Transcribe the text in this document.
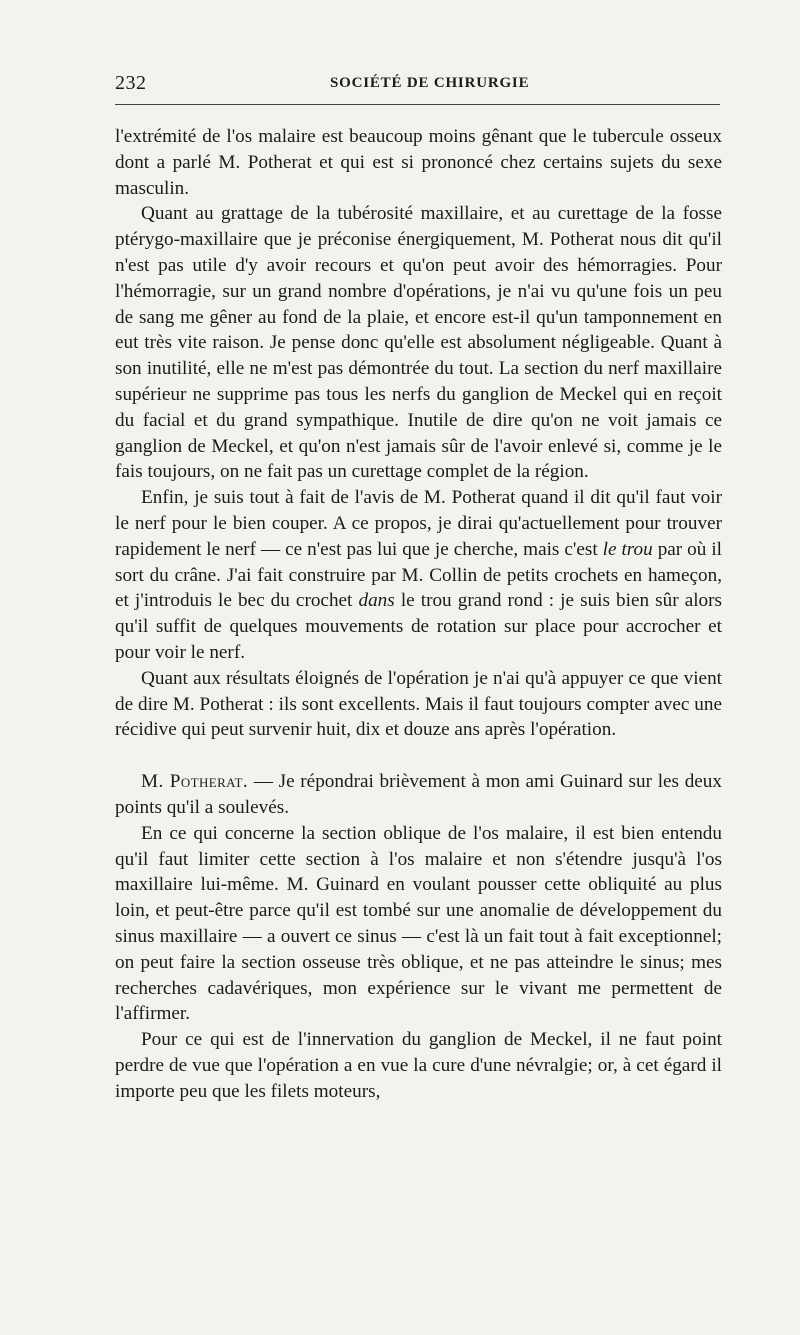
232	SOCIÉTÉ DE CHIRURGIE

l'extrémité de l'os malaire est beaucoup moins gênant que le tubercule osseux dont a parlé M. Potherat et qui est si prononcé chez certains sujets du sexe masculin.

Quant au grattage de la tubérosité maxillaire, et au curettage de la fosse ptérygo-maxillaire que je préconise énergiquement, M. Potherat nous dit qu'il n'est pas utile d'y avoir recours et qu'on peut avoir des hémorragies. Pour l'hémorragie, sur un grand nombre d'opérations, je n'ai vu qu'une fois un peu de sang me gêner au fond de la plaie, et encore est-il qu'un tamponnement en eut très vite raison. Je pense donc qu'elle est absolument négligeable. Quant à son inutilité, elle ne m'est pas démontrée du tout. La section du nerf maxillaire supérieur ne supprime pas tous les nerfs du ganglion de Meckel qui en reçoit du facial et du grand sympathique. Inutile de dire qu'on ne voit jamais ce ganglion de Meckel, et qu'on n'est jamais sûr de l'avoir enlevé si, comme je le fais toujours, on ne fait pas un curettage complet de la région.

Enfin, je suis tout à fait de l'avis de M. Potherat quand il dit qu'il faut voir le nerf pour le bien couper. A ce propos, je dirai qu'actuellement pour trouver rapidement le nerf — ce n'est pas lui que je cherche, mais c'est le trou par où il sort du crâne. J'ai fait construire par M. Collin de petits crochets en hameçon, et j'introduis le bec du crochet dans le trou grand rond : je suis bien sûr alors qu'il suffit de quelques mouvements de rotation sur place pour accrocher et pour voir le nerf.

Quant aux résultats éloignés de l'opération je n'ai qu'à appuyer ce que vient de dire M. Potherat : ils sont excellents. Mais il faut toujours compter avec une récidive qui peut survenir huit, dix et douze ans après l'opération.

M. Potherat. — Je répondrai brièvement à mon ami Guinard sur les deux points qu'il a soulevés.

En ce qui concerne la section oblique de l'os malaire, il est bien entendu qu'il faut limiter cette section à l'os malaire et non s'étendre jusqu'à l'os maxillaire lui-même. M. Guinard en voulant pousser cette obliquité au plus loin, et peut-être parce qu'il est tombé sur une anomalie de développement du sinus maxillaire — a ouvert ce sinus — c'est là un fait tout à fait exceptionnel; on peut faire la section osseuse très oblique, et ne pas atteindre le sinus; mes recherches cadavériques, mon expérience sur le vivant me permettent de l'affirmer.

Pour ce qui est de l'innervation du ganglion de Meckel, il ne faut point perdre de vue que l'opération a en vue la cure d'une névralgie; or, à cet égard il importe peu que les filets moteurs,
